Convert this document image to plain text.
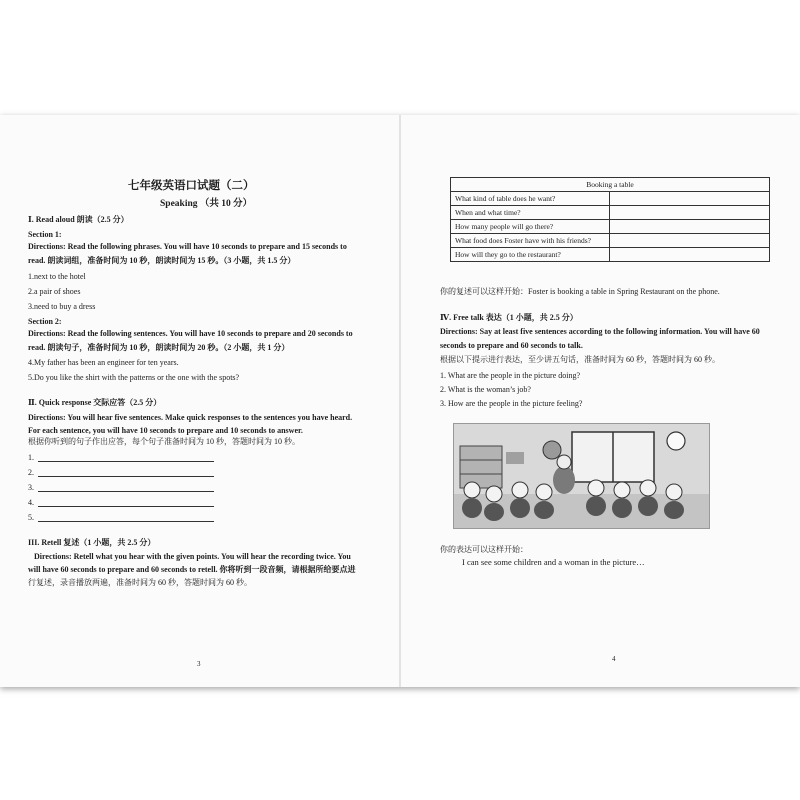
七年级英语口试题（二）
Speaking （共 10 分）
Ⅰ. Read aloud 朗读（2.5 分）
Section 1:
Directions: Read the following phrases. You will have 10 seconds to prepare and 15 seconds to
read. 朗读词组，准备时间为 10 秒，朗读时间为 15 秒。（3 小题，共 1.5 分）
1.next to the hotel
2.a pair of shoes
3.need to buy a dress
Section 2:
Directions: Read the following sentences. You will have 10 seconds to prepare and 20 seconds to
read. 朗读句子，准备时间为 10 秒，朗读时间为 20 秒。（2 小题，共 1 分）
4.My father has been an engineer for ten years.
5.Do you like the shirt with the patterns or the one with the spots?
Ⅱ. Quick response 交际应答（2.5 分）
Directions: You will hear five sentences. Make quick responses to the sentences you have heard.
For each sentence, you will have 10 seconds to prepare and 10 seconds to answer.
根据你听到的句子作出应答，每个句子准备时间为 10 秒，答题时间为 10 秒。
1.
2.
3.
4.
5.
III. Retell 复述（1 小题，共 2.5 分）
Directions: Retell what you hear with the given points. You will hear the recording twice. You
will have 60 seconds to prepare and 60 seconds to retell. 你将听到一段音频，请根据所给要点进
行复述，录音播放两遍，准备时间为 60 秒，答题时间为 60 秒。
3
Booking a table	
What kind of table does he want?	
When and what time?	
How many people will go there?	
What food does Foster have with his friends?	
How will they go to the restaurant?	
你的复述可以这样开始：Foster is booking a table in Spring Restaurant on the phone.
Ⅳ. Free talk 表达（1 小题，共 2.5 分）
Directions: Say at least five sentences according to the following information. You will have 60
seconds to prepare and 60 seconds to talk.
根据以下提示进行表达，至少讲五句话，准备时间为 60 秒，答题时间为 60 秒。
1. What are the people in the picture doing?
2. What is the woman’s job?
3. How are the people in the picture feeling?
你的表达可以这样开始：
I can see some children and a woman in the picture…
4
